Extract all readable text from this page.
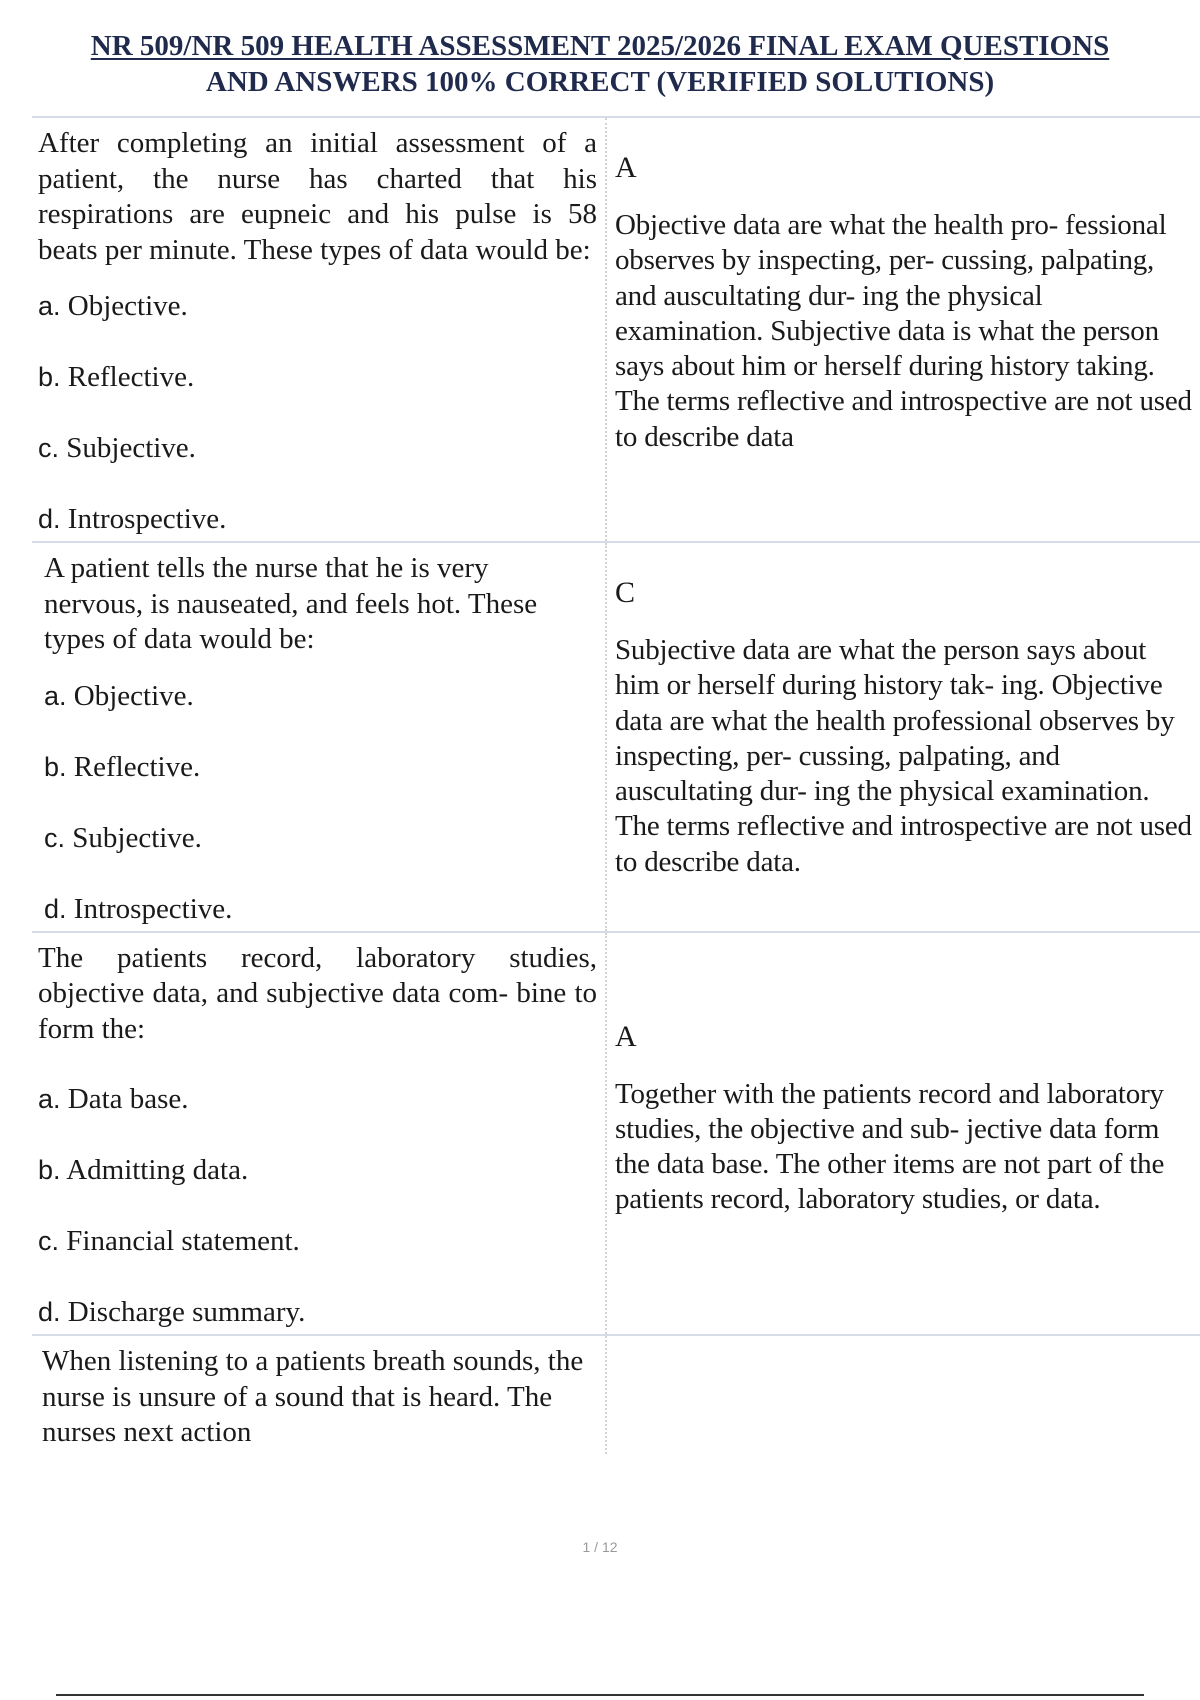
NR 509/NR 509 HEALTH ASSESSMENT 2025/2026 FINAL EXAM QUESTIONS
AND ANSWERS 100% CORRECT (VERIFIED SOLUTIONS)

After completing an initial assessment of a patient, the nurse has charted that his respirations are eupneic and his pulse is 58 beats per minute. These types of data would be:

a. Objective.

b. Reflective.

c. Subjective.

d. Introspective.

A

Objective data are what the health pro- fessional observes by inspecting, per- cussing, palpating, and auscultating dur- ing the physical examination. Subjective data is what the person says about him or herself during history taking. The terms reflective and introspective are not used to describe data

A patient tells the nurse that he is very nervous, is nauseated, and feels hot. These types of data would be:

a. Objective.

b. Reflective.

c. Subjective.

d. Introspective.

C

Subjective data are what the person says about him or herself during history tak- ing. Objective data are what the health professional observes by inspecting, per- cussing, palpating, and auscultating dur- ing the physical examination. The terms reflective and introspective are not used to describe data.

The patients record, laboratory studies, objective data, and subjective data com- bine to form the:

a. Data base.

b. Admitting data.

c. Financial statement.

d. Discharge summary.

A

Together with the patients record and laboratory studies, the objective and sub- jective data form the data base. The other items are not part of the patients record, laboratory studies, or data.

When listening to a patients breath sounds, the nurse is unsure of a sound that is heard. The nurses next action

1 / 12
